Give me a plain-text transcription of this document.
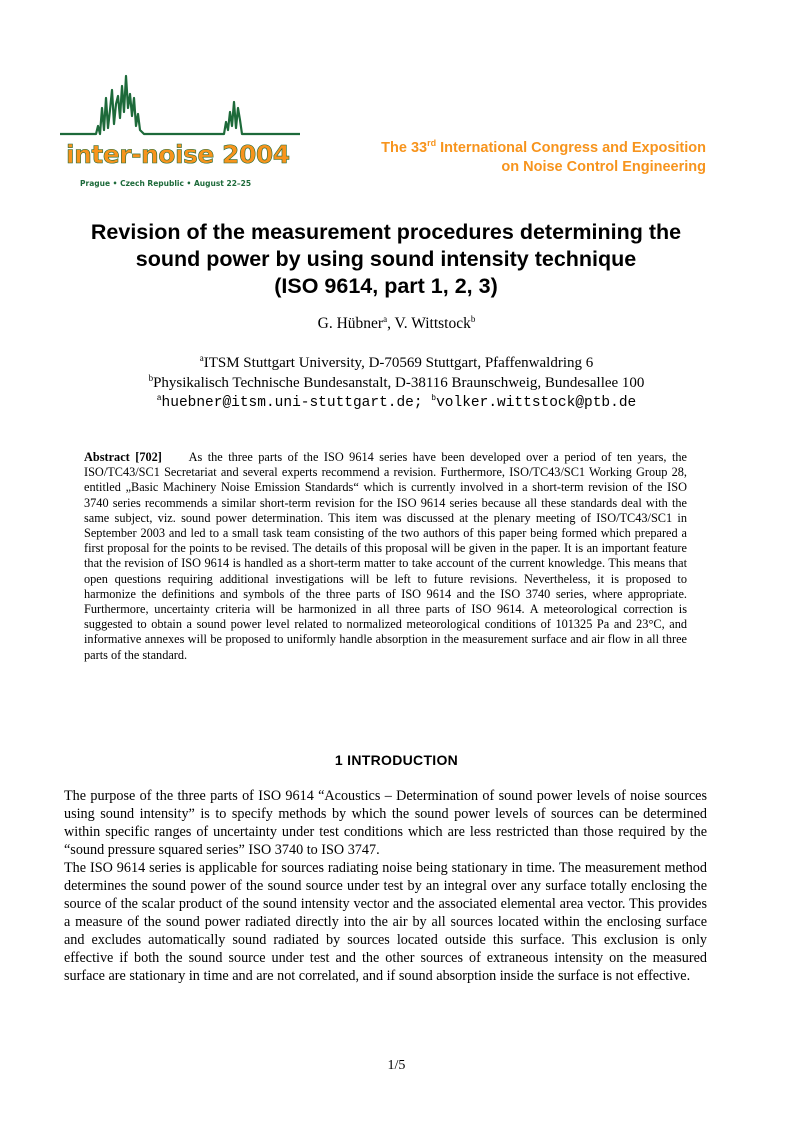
inter-noise 2004
Prague • Czech Republic • August 22–25
The 33rd International Congress and Exposition
on Noise Control Engineering
Revision of the measurement procedures determining the
sound power by using sound intensity technique
(ISO 9614, part 1, 2, 3)
G. Hübner$^a$, V. Wittstock$^b$
$^a$ITSM Stuttgart University, D-70569 Stuttgart, Pfaffenwaldring 6
$^b$Physikalisch Technische Bundesanstalt, D-38116 Braunschweig, Bundesallee 100
$^a$huebner@itsm.uni-stuttgart.de; $^b$volker.wittstock@ptb.de
Abstract [702] As the three parts of the ISO 9614 series have been developed over a period of ten years, the ISO/TC43/SC1 Secretariat and several experts recommend a revision. Furthermore, ISO/TC43/SC1 Working Group 28, entitled „Basic Machinery Noise Emission Standards“ which is currently involved in a short-term revision of the ISO 3740 series recommends a similar short-term revision for the ISO 9614 series because all these standards deal with the same subject, viz. sound power determination. This item was discussed at the plenary meeting of ISO/TC43/SC1 in September 2003 and led to a small task team consisting of the two authors of this paper being formed which prepared a first proposal for the points to be revised. The details of this proposal will be given in the paper. It is an important feature that the revision of ISO 9614 is handled as a short-term matter to take account of the current knowledge. This means that open questions requiring additional investigations will be left to future revisions. Nevertheless, it is proposed to harmonize the definitions and symbols of the three parts of ISO 9614 and the ISO 3740 series, where appropriate. Furthermore, uncertainty criteria will be harmonized in all three parts of ISO 9614. A meteorological correction is suggested to obtain a sound power level related to normalized meteorological conditions of 101325 Pa and 23°C, and informative annexes will be proposed to uniformly handle absorption in the measurement surface and air flow in all three parts of the standard.
1 INTRODUCTION

The purpose of the three parts of ISO 9614 “Acoustics – Determination of sound power levels of noise sources using sound intensity” is to specify methods by which the sound power levels of sources can be determined within specific ranges of uncertainty under test conditions which are less restricted than those required by the “sound pressure squared series” ISO 3740 to ISO 3747.

The ISO 9614 series is applicable for sources radiating noise being stationary in time. The measurement method determines the sound power of the sound source under test by an integral over any surface totally enclosing the source of the scalar product of the sound intensity vector and the associated elemental area vector. This provides a measure of the sound power radiated directly into the air by all sources located within the enclosing surface and excludes automatically sound radiated by sources located outside this surface. This exclusion is only effective if both the sound source under test and the other sources of extraneous intensity on the measured surface are stationary in time and are not correlated, and if sound absorption inside the surface is not effective.

1/5
